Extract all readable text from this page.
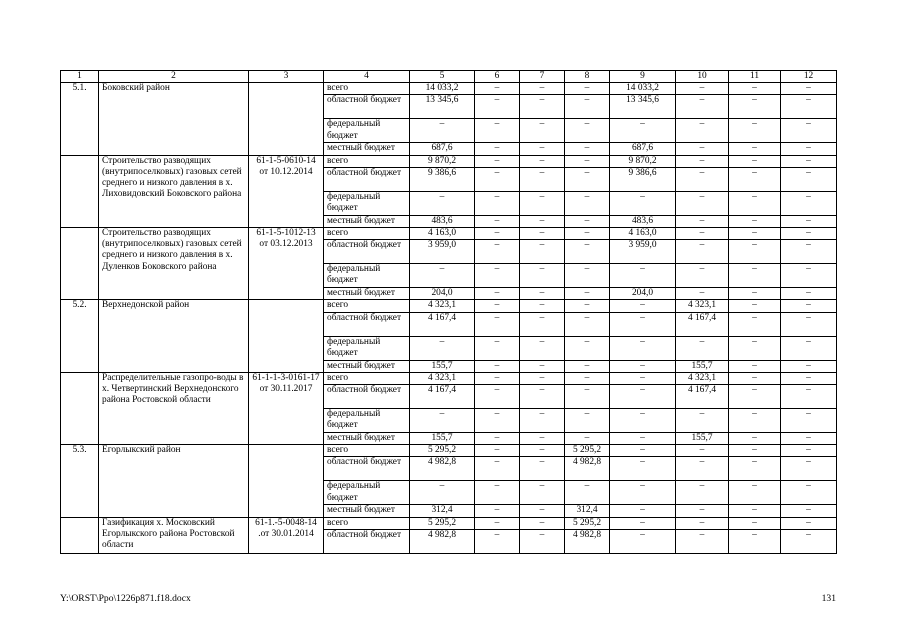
1	2	3	4	5	6	7	8	9	10	11	12
5.1.	Боковский район		всего	14 033,2	–	–	–	14 033,2	–	–	–
			областной бюджет	13 345,6	–	–	–	13 345,6	–	–	–
			федеральный бюджет	–	–	–	–	–	–	–	–
			местный бюджет	687,6	–	–	–	687,6	–	–	–
	Строительство разводящих (внутрипоселковых) газовых сетей среднего и низкого давления в х. Лиховидовский Боковского района	61-1-5-0610-14 от 10.12.2014	всего	9 870,2	–	–	–	9 870,2	–	–	–
			областной бюджет	9 386,6	–	–	–	9 386,6	–	–	–
			федеральный бюджет	–	–	–	–	–	–	–	–
			местный бюджет	483,6	–	–	–	483,6	–	–	–
	Строительство разводящих (внутрипоселковых) газовых сетей среднего и низкого давления в х. Дуленков Боковского района	61-1-5-1012-13 от 03.12.2013	всего	4 163,0	–	–	–	4 163,0	–	–	–
			областной бюджет	3 959,0	–	–	–	3 959,0	–	–	–
			федеральный бюджет	–	–	–	–	–	–	–	–
			местный бюджет	204,0	–	–	–	204,0	–	–	–
5.2.	Верхнедонской район		всего	4 323,1	–	–	–	–	4 323,1	–	–
			областной бюджет	4 167,4	–	–	–	–	4 167,4	–	–
			федеральный бюджет	–	–	–	–	–	–	–	–
			местный бюджет	155,7	–	–	–	–	155,7	–	–
	Распределительные газопро-воды в х. Четвертинский Верхнедонского района Ростовской области	61-1-1-3-0161-17 от 30.11.2017	всего	4 323,1	–	–	–	–	4 323,1	–	–
			областной бюджет	4 167,4	–	–	–	–	4 167,4	–	–
			федеральный бюджет	–	–	–	–	–	–	–	–
			местный бюджет	155,7	–	–	–	–	155,7	–	–
5.3.	Егорлыкский район		всего	5 295,2	–	–	5 295,2	–	–	–	–
			областной бюджет	4 982,8	–	–	4 982,8	–	–	–	–
			федеральный бюджет	–	–	–	–	–	–	–	–
			местный бюджет	312,4	–	–	312,4	–	–	–	–
	Газификация х. Московский Егорлыкского района Ростовской области	61-1.-5-0048-14 .от 30.01.2014	всего	5 295,2	–	–	5 295,2	–	–	–	–
			областной бюджет	4 982,8	–	–	4 982,8	–	–	–	–
Y:\ORST\Ppo\1226p871.f18.docx	131
